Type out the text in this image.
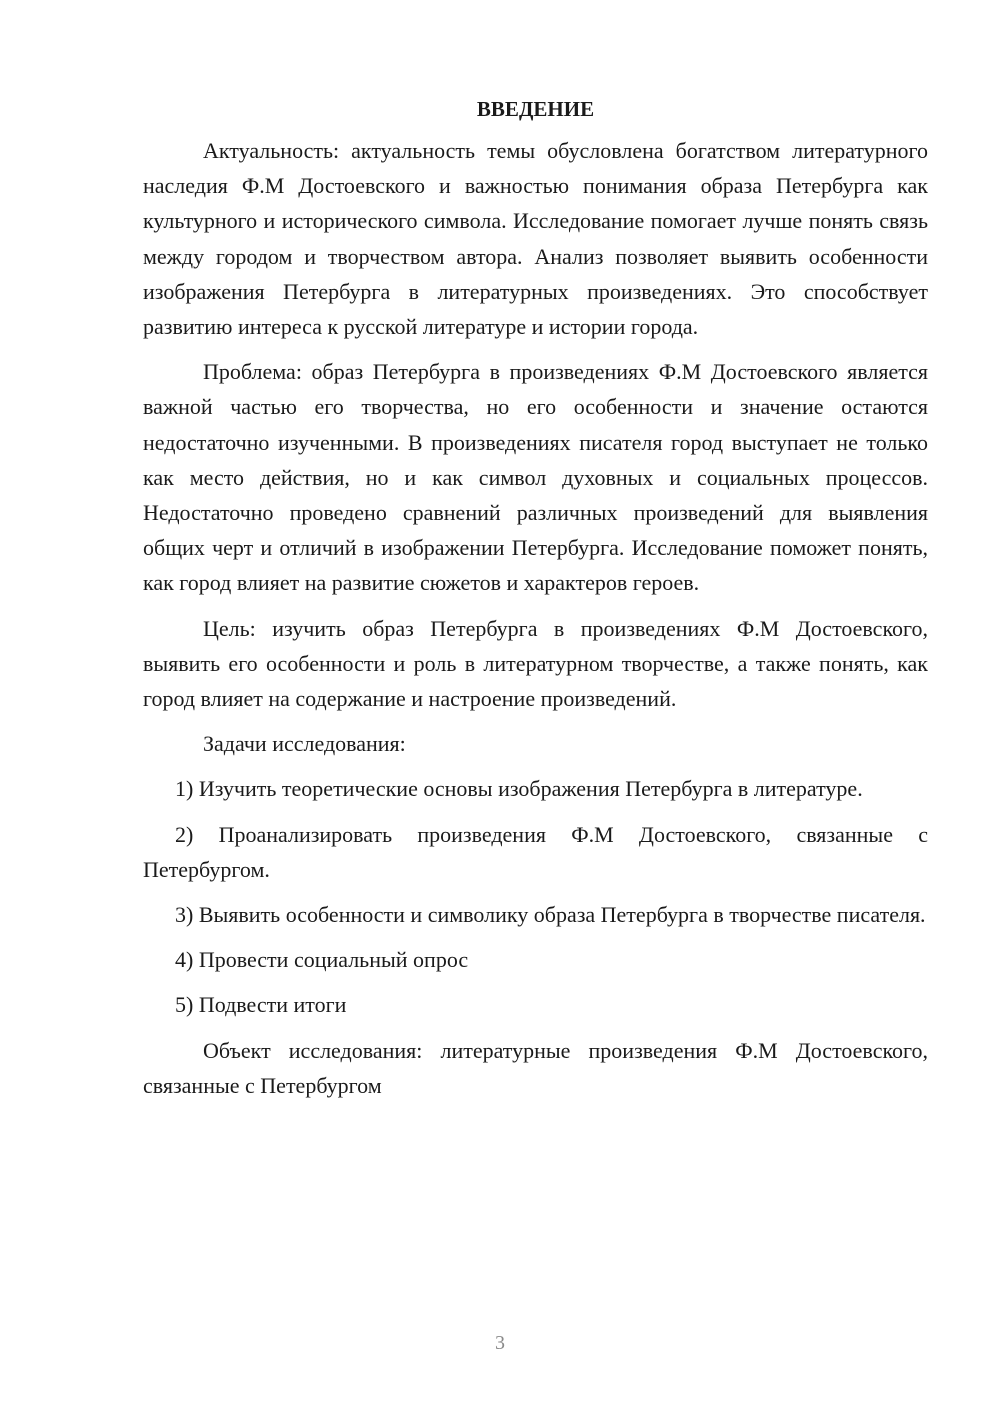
ВВЕДЕНИЕ

Актуальность: актуальность темы обусловлена богатством литературного наследия Ф.М Достоевского и важностью понимания образа Петербурга как культурного и исторического символа. Исследование помогает лучше понять связь между городом и творчеством автора. Анализ позволяет выявить особенности изображения Петербурга в литературных произведениях. Это способствует развитию интереса к русской литературе и истории города.

Проблема: образ Петербурга в произведениях Ф.М Достоевского является важной частью его творчества, но его особенности и значение остаются недостаточно изученными. В произведениях писателя город выступает не только как место действия, но и как символ духовных и социальных процессов. Недостаточно проведено сравнений различных произведений для выявления общих черт и отличий в изображении Петербурга. Исследование поможет понять, как город влияет на развитие сюжетов и характеров героев.

Цель: изучить образ Петербурга в произведениях Ф.М Достоевского, выявить его особенности и роль в литературном творчестве, а также понять, как город влияет на содержание и настроение произведений.

Задачи исследования:

1) Изучить теоретические основы изображения Петербурга в литературе.

2) Проанализировать произведения Ф.М Достоевского, связанные с Петербургом.

3) Выявить особенности и символику образа Петербурга в творчестве писателя.

4) Провести социальный опрос

5) Подвести итоги

Объект исследования: литературные произведения Ф.М Достоевского, связанные с Петербургом

3
